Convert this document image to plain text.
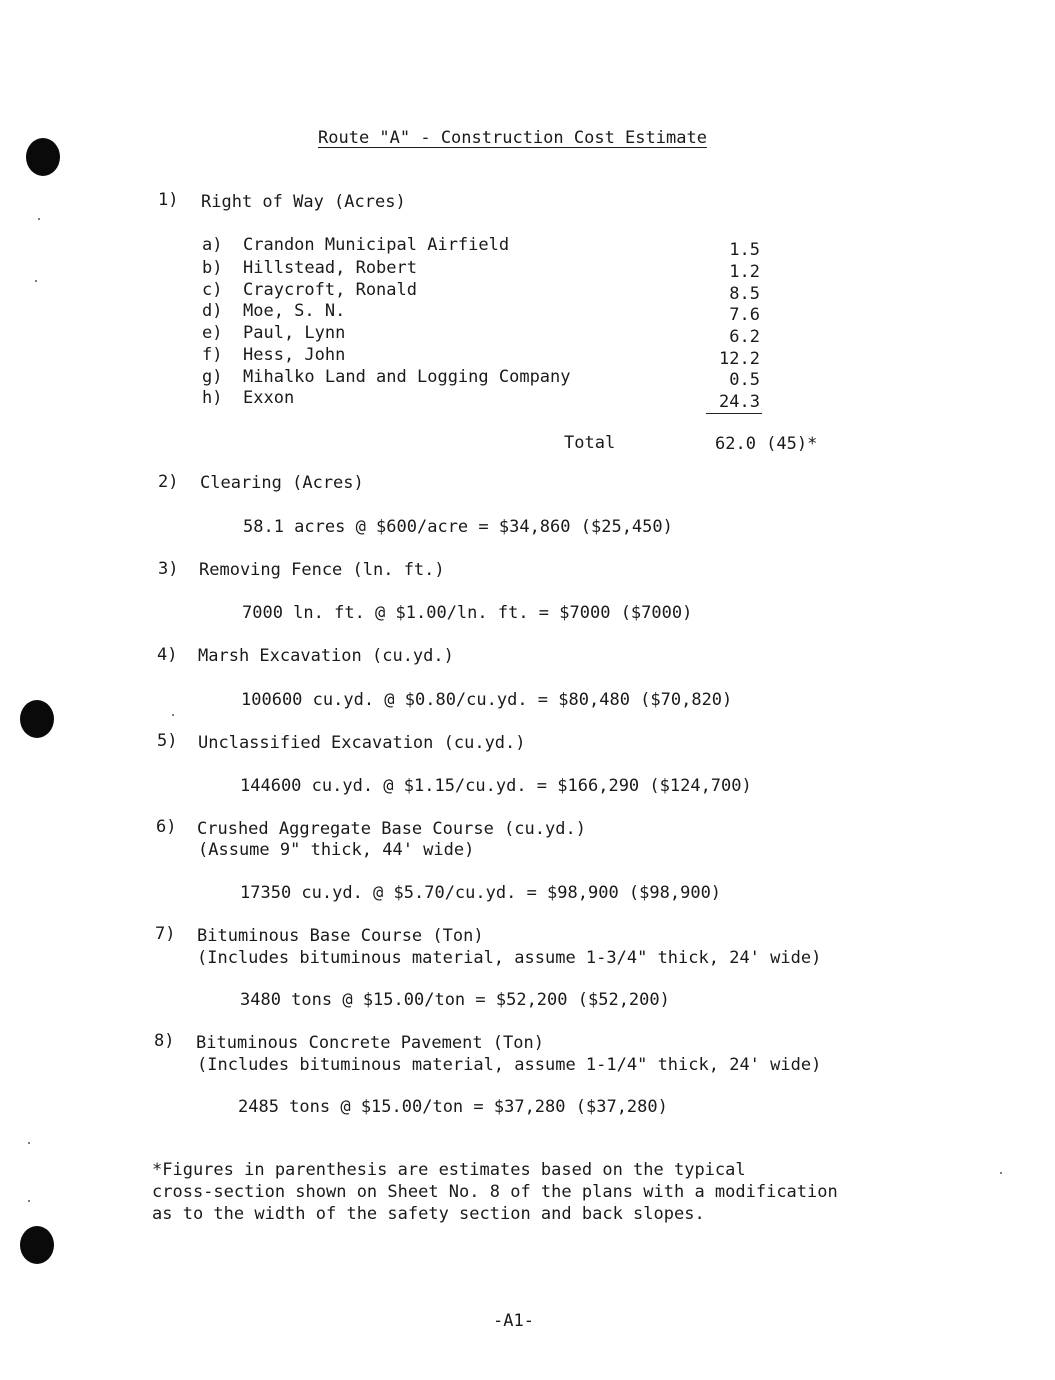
Route "A" - Construction Cost Estimate
1) Right of Way (Acres)
a) Crandon Municipal Airfield	1.5
b) Hillstead, Robert	1.2
c) Craycroft, Ronald	8.5
d) Moe, S. N.	7.6
e) Paul, Lynn	6.2
f) Hess, John	12.2
g) Mihalko Land and Logging Company	0.5
h) Exxon	24.3
Total	62.0 (45)*
2) Clearing (Acres)
58.1 acres @ $600/acre = $34,860 ($25,450)
3) Removing Fence (ln. ft.)
7000 ln. ft. @ $1.00/ln. ft. = $7000 ($7000)
4) Marsh Excavation (cu.yd.)
100600 cu.yd. @ $0.80/cu.yd. = $80,480 ($70,820)
5) Unclassified Excavation (cu.yd.)
144600 cu.yd. @ $1.15/cu.yd. = $166,290 ($124,700)
6) Crushed Aggregate Base Course (cu.yd.)
(Assume 9" thick, 44' wide)
17350 cu.yd. @ $5.70/cu.yd. = $98,900 ($98,900)
7) Bituminous Base Course (Ton)
(Includes bituminous material, assume 1-3/4" thick, 24' wide)
3480 tons @ $15.00/ton = $52,200 ($52,200)
8) Bituminous Concrete Pavement (Ton)
(Includes bituminous material, assume 1-1/4" thick, 24' wide)
2485 tons @ $15.00/ton = $37,280 ($37,280)
*Figures in parenthesis are estimates based on the typical
cross-section shown on Sheet No. 8 of the plans with a modification
as to the width of the safety section and back slopes.
-A1-
